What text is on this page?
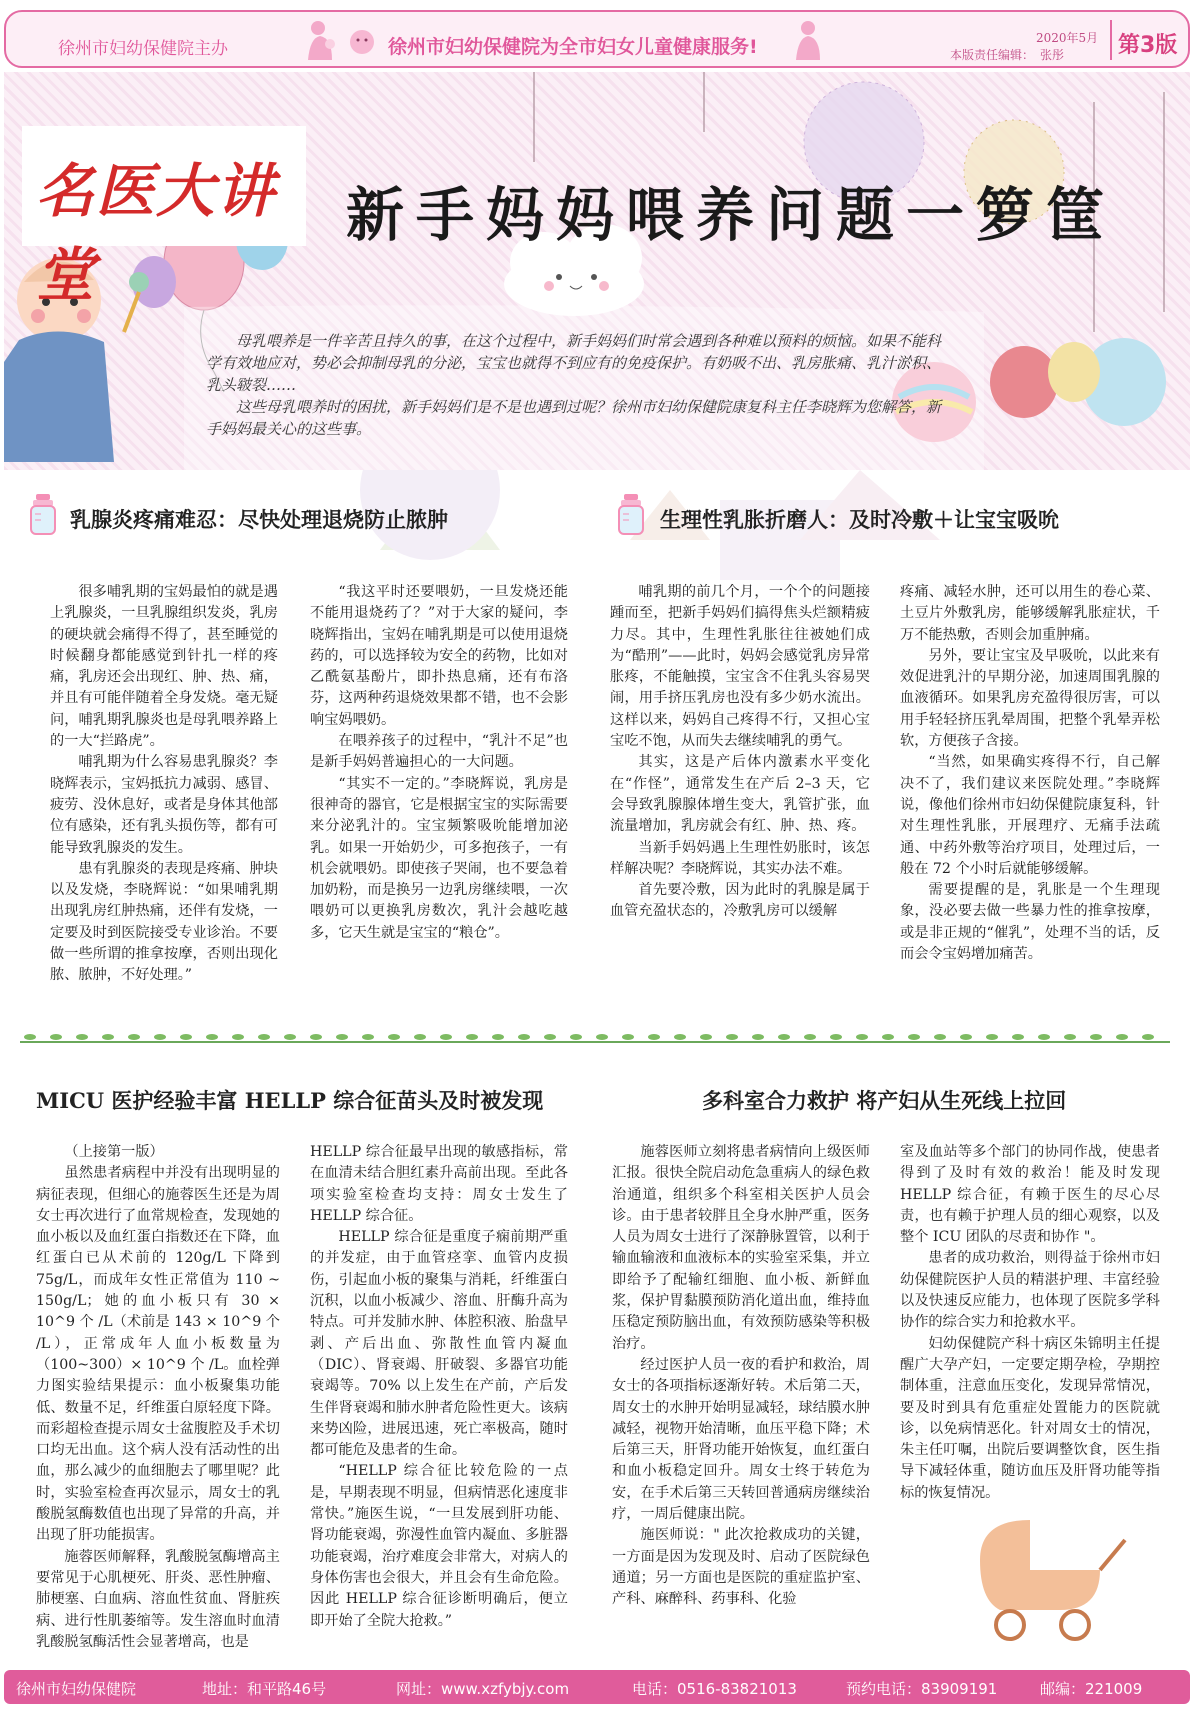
徐州市妇幼保健院主办	徐州市妇幼保健院为全市妇女儿童健康服务!	2020年5月
本版责任编辑：　张彤 第3版
名医大讲堂
新手妈妈喂养问题一箩筐

母乳喂养是一件辛苦且持久的事，在这个过程中，新手妈妈们时常会遇到各种难以预料的烦恼。如果不能科学有效地应对，势必会抑制母乳的分泌，宝宝也就得不到应有的免疫保护。有奶吸不出、乳房胀痛、乳汁淤积、乳头皲裂……

这些母乳喂养时的困扰，新手妈妈们是不是也遇到过呢？徐州市妇幼保健院康复科主任李晓辉为您解答，新手妈妈最关心的这些事。

乳腺炎疼痛难忍：尽快处理退烧防止脓肿

很多哺乳期的宝妈最怕的就是遇上乳腺炎，一旦乳腺组织发炎，乳房的硬块就会痛得不得了，甚至睡觉的时候翻身都能感觉到针扎一样的疼痛，乳房还会出现红、肿、热、痛，并且有可能伴随着全身发烧。毫无疑问，哺乳期乳腺炎也是母乳喂养路上的一大“拦路虎”。

哺乳期为什么容易患乳腺炎？李晓辉表示，宝妈抵抗力减弱、感冒、疲劳、没休息好，或者是身体其他部位有感染，还有乳头损伤等，都有可能导致乳腺炎的发生。

患有乳腺炎的表现是疼痛、肿块以及发烧，李晓辉说：“如果哺乳期出现乳房红肿热痛，还伴有发烧，一定要及时到医院接受专业诊治。不要做一些所谓的推拿按摩，否则出现化脓、脓肿，不好处理。”

“我这平时还要喂奶，一旦发烧还能不能用退烧药了？”对于大家的疑问，李晓辉指出，宝妈在哺乳期是可以使用退烧药的，可以选择较为安全的药物，比如对乙酰氨基酚片，即扑热息痛，还有布洛芬，这两种药退烧效果都不错，也不会影响宝妈喂奶。

在喂养孩子的过程中，“乳汁不足”也是新手妈妈普遍担心的一大问题。

“其实不一定的。”李晓辉说，乳房是很神奇的器官，它是根据宝宝的实际需要来分泌乳汁的。宝宝频繁吸吮能增加泌乳。如果一开始奶少，可多抱孩子，一有机会就喂奶。即使孩子哭闹，也不要急着加奶粉，而是换另一边乳房继续喂，一次喂奶可以更换乳房数次，乳汁会越吃越多，它天生就是宝宝的“粮仓”。

生理性乳胀折磨人：及时冷敷＋让宝宝吸吮

哺乳期的前几个月，一个个的问题接踵而至，把新手妈妈们搞得焦头烂额精疲力尽。其中，生理性乳胀往往被她们成为“酷刑”——此时，妈妈会感觉乳房异常胀疼，不能触摸，宝宝含不住乳头容易哭闹，用手挤压乳房也没有多少奶水流出。这样以来，妈妈自己疼得不行，又担心宝宝吃不饱，从而失去继续哺乳的勇气。

其实，这是产后体内激素水平变化在“作怪”，通常发生在产后 2–3 天，它会导致乳腺腺体增生变大，乳管扩张，血流量增加，乳房就会有红、肿、热、疼。

当新手妈妈遇上生理性奶胀时，该怎样解决呢？李晓辉说，其实办法不难。

首先要冷敷，因为此时的乳腺是属于血管充盈状态的，冷敷乳房可以缓解

疼痛、减轻水肿，还可以用生的卷心菜、土豆片外敷乳房，能够缓解乳胀症状，千万不能热敷，否则会加重肿痛。

另外，要让宝宝及早吸吮，以此来有效促进乳汁的早期分泌，加速周围乳腺的血液循环。如果乳房充盈得很厉害，可以用手轻轻挤压乳晕周围，把整个乳晕弄松软，方便孩子含接。

“当然，如果确实疼得不行，自己解决不了，我们建议来医院处理。”李晓辉说，像他们徐州市妇幼保健院康复科，针对生理性乳胀，开展理疗、无痛手法疏通、中药外敷等治疗项目，处理过后，一般在 72 个小时后就能够缓解。

需要提醒的是，乳胀是一个生理现象，没必要去做一些暴力性的推拿按摩，或是非正规的“催乳”，处理不当的话，反而会令宝妈增加痛苦。

MICU 医护经验丰富 HELLP 综合征苗头及时被发现

（上接第一版）

虽然患者病程中并没有出现明显的病征表现，但细心的施蓉医生还是为周女士再次进行了血常规检查，发现她的血小板以及血红蛋白指数还在下降，血红蛋白已从术前的 120g/L 下降到 75g/L，而成年女性正常值为 110 ~ 150g/L；她的血小板只有 30 × 10^9 个 /L（术前是 143 × 10^9 个 /L），正常成年人血小板数量为（100~300）× 10^9 个 /L。血栓弹力图实验结果提示：血小板聚集功能低、数量不足，纤维蛋白原轻度下降。而彩超检查提示周女士盆腹腔及手术切口均无出血。这个病人没有活动性的出血，那么减少的血细胞去了哪里呢？此时，实验室检查再次显示，周女士的乳酸脱氢酶数值也出现了异常的升高，并出现了肝功能损害。

施蓉医师解释，乳酸脱氢酶增高主要常见于心肌梗死、肝炎、恶性肿瘤、肺梗塞、白血病、溶血性贫血、肾脏疾病、进行性肌萎缩等。发生溶血时血清乳酸脱氢酶活性会显著增高，也是

HELLP 综合征最早出现的敏感指标，常在血清未结合胆红素升高前出现。至此各项实验室检查均支持：周女士发生了 HELLP 综合征。

HELLP 综合征是重度子痫前期严重的并发症，由于血管痉挛、血管内皮损伤，引起血小板的聚集与消耗，纤维蛋白沉积，以血小板减少、溶血、肝酶升高为特点。可并发肺水肿、体腔积液、胎盘早剥、产后出血、弥散性血管内凝血（DIC）、肾衰竭、肝破裂、多器官功能衰竭等。70% 以上发生在产前，产后发生伴肾衰竭和肺水肿者危险性更大。该病来势凶险，进展迅速，死亡率极高，随时都可能危及患者的生命。

“HELLP 综合征比较危险的一点是，早期表现不明显，但病情恶化速度非常快。”施医生说，“一旦发展到肝功能、肾功能衰竭，弥漫性血管内凝血、多脏器功能衰竭，治疗难度会非常大，对病人的身体伤害也会很大，并且会有生命危险。因此 HELLP 综合征诊断明确后，便立即开始了全院大抢救。”

多科室合力救护 将产妇从生死线上拉回

施蓉医师立刻将患者病情向上级医师汇报。很快全院启动危急重病人的绿色救治通道，组织多个科室相关医护人员会诊。由于患者较胖且全身水肿严重，医务人员为周女士进行了深静脉置管，以利于输血输液和血液标本的实验室采集，并立即给予了配输红细胞、血小板、新鲜血浆，保护胃黏膜预防消化道出血，维持血压稳定预防脑出血，有效预防感染等积极治疗。

经过医护人员一夜的看护和救治，周女士的各项指标逐渐好转。术后第二天，周女士的水肿开始明显减轻，球结膜水肿减轻，视物开始清晰，血压平稳下降；术后第三天，肝肾功能开始恢复，血红蛋白和血小板稳定回升。周女士终于转危为安，在手术后第三天转回普通病房继续治疗，一周后健康出院。

施医师说：" 此次抢救成功的关键，一方面是因为发现及时、启动了医院绿色通道；另一方面也是医院的重症监护室、产科、麻醉科、药事科、化验

室及血站等多个部门的协同作战，使患者得到了及时有效的救治！能及时发现 HELLP 综合征，有赖于医生的尽心尽责，也有赖于护理人员的细心观察，以及整个 ICU 团队的尽责和协作 "。

患者的成功救治，则得益于徐州市妇幼保健院医护人员的精湛护理、丰富经验以及快速反应能力，也体现了医院多学科协作的综合实力和抢救水平。

妇幼保健院产科十病区朱锦明主任提醒广大孕产妇，一定要定期孕检，孕期控制体重，注意血压变化，发现异常情况，要及时到具有危重症处置能力的医院就诊，以免病情恶化。针对周女士的情况，朱主任叮嘱，出院后要调整饮食，医生指导下减轻体重，随访血压及肝肾功能等指标的恢复情况。

徐州市妇幼保健院	地址：和平路46号	网址：www.xzfybjy.com	电话：0516-83821013	预约电话：83909191	邮编：221009
